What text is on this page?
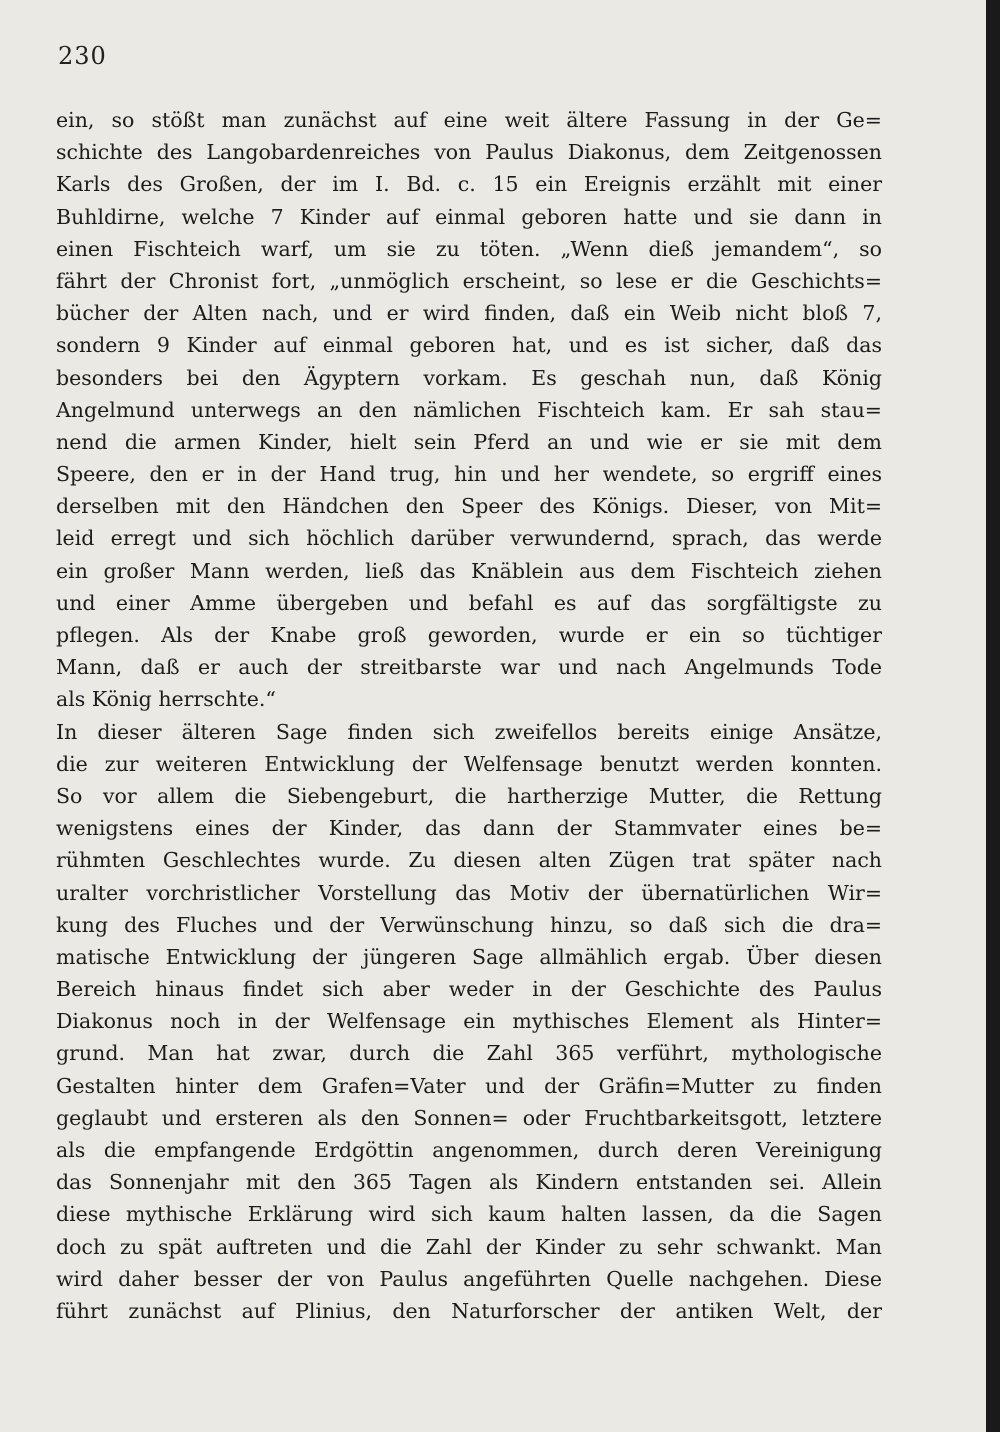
230
ein, so stößt man zunächst auf eine weit ältere Fassung in der Ge=
schichte des Langobardenreiches von Paulus Diakonus, dem Zeitgenossen
Karls des Großen, der im I. Bd. c. 15 ein Ereignis erzählt mit einer
Buhldirne, welche 7 Kinder auf einmal geboren hatte und sie dann in
einen Fischteich warf, um sie zu töten. „Wenn dieß jemandem“, so
fährt der Chronist fort, „unmöglich erscheint, so lese er die Geschichts=
bücher der Alten nach, und er wird finden, daß ein Weib nicht bloß 7,
sondern 9 Kinder auf einmal geboren hat, und es ist sicher, daß das
besonders bei den Ägyptern vorkam. Es geschah nun, daß König
Angelmund unterwegs an den nämlichen Fischteich kam. Er sah stau=
nend die armen Kinder, hielt sein Pferd an und wie er sie mit dem
Speere, den er in der Hand trug, hin und her wendete, so ergriff eines
derselben mit den Händchen den Speer des Königs. Dieser, von Mit=
leid erregt und sich höchlich darüber verwundernd, sprach, das werde
ein großer Mann werden, ließ das Knäblein aus dem Fischteich ziehen
und einer Amme übergeben und befahl es auf das sorgfältigste zu
pflegen. Als der Knabe groß geworden, wurde er ein so tüchtiger
Mann, daß er auch der streitbarste war und nach Angelmunds Tode
als König herrschte.“
In dieser älteren Sage finden sich zweifellos bereits einige Ansätze,
die zur weiteren Entwicklung der Welfensage benutzt werden konnten.
So vor allem die Siebengeburt, die hartherzige Mutter, die Rettung
wenigstens eines der Kinder, das dann der Stammvater eines be=
rühmten Geschlechtes wurde. Zu diesen alten Zügen trat später nach
uralter vorchristlicher Vorstellung das Motiv der übernatürlichen Wir=
kung des Fluches und der Verwünschung hinzu, so daß sich die dra=
matische Entwicklung der jüngeren Sage allmählich ergab. Über diesen
Bereich hinaus findet sich aber weder in der Geschichte des Paulus
Diakonus noch in der Welfensage ein mythisches Element als Hinter=
grund. Man hat zwar, durch die Zahl 365 verführt, mythologische
Gestalten hinter dem Grafen=Vater und der Gräfin=Mutter zu finden
geglaubt und ersteren als den Sonnen= oder Fruchtbarkeitsgott, letztere
als die empfangende Erdgöttin angenommen, durch deren Vereinigung
das Sonnenjahr mit den 365 Tagen als Kindern entstanden sei. Allein
diese mythische Erklärung wird sich kaum halten lassen, da die Sagen
doch zu spät auftreten und die Zahl der Kinder zu sehr schwankt. Man
wird daher besser der von Paulus angeführten Quelle nachgehen. Diese
führt zunächst auf Plinius, den Naturforscher der antiken Welt, der
